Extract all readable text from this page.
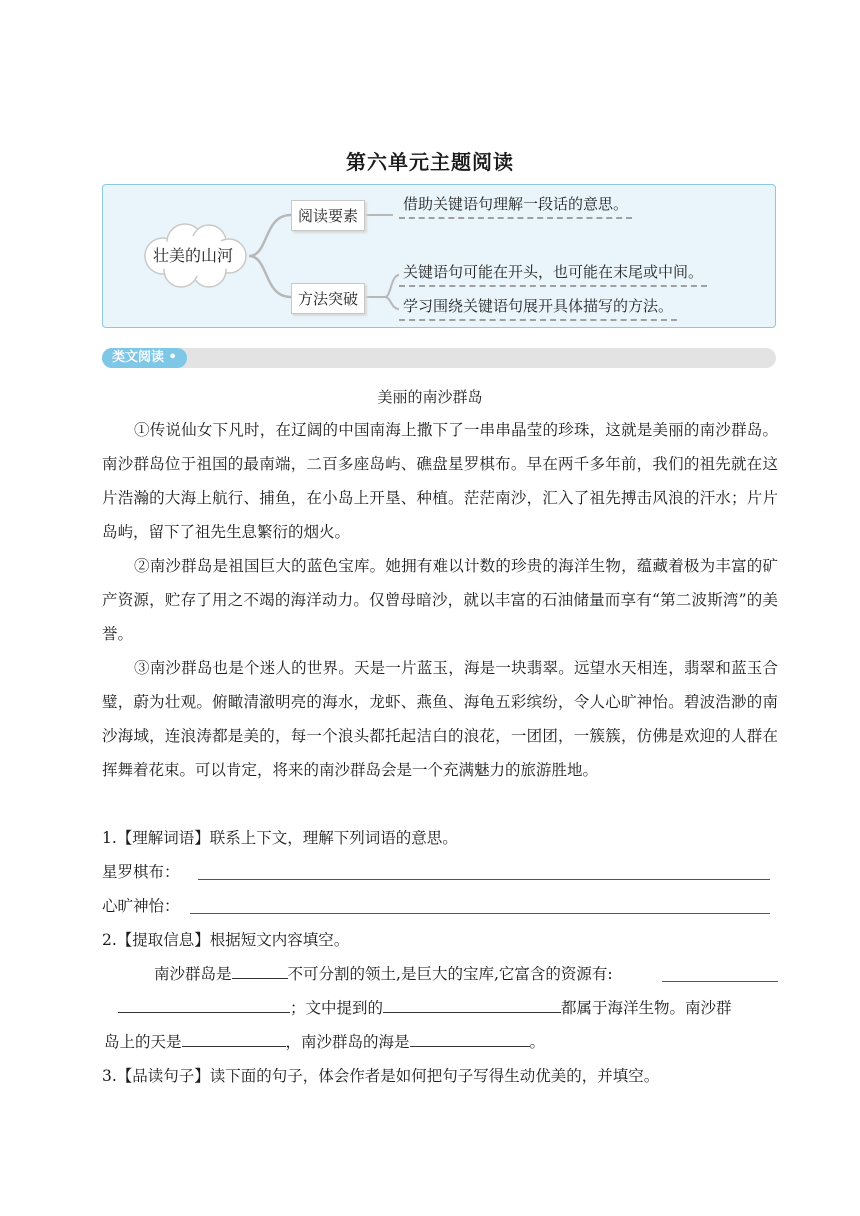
第六单元主题阅读
壮美的山河
阅读要素
方法突破
借助关键语句理解一段话的意思。
关键语句可能在开头，也可能在末尾或中间。
学习围绕关键语句展开具体描写的方法。
类文阅读 •
美丽的南沙群岛
①传说仙女下凡时，在辽阔的中国南海上撒下了一串串晶莹的珍珠，这就是美丽的南沙群岛。南沙群岛位于祖国的最南端，二百多座岛屿、礁盘星罗棋布。早在两千多年前，我们的祖先就在这片浩瀚的大海上航行、捕鱼，在小岛上开垦、种植。茫茫南沙，汇入了祖先搏击风浪的汗水；片片岛屿，留下了祖先生息繁衍的烟火。
②南沙群岛是祖国巨大的蓝色宝库。她拥有难以计数的珍贵的海洋生物，蕴藏着极为丰富的矿产资源，贮存了用之不竭的海洋动力。仅曾母暗沙，就以丰富的石油储量而享有“第二波斯湾”的美誉。
③南沙群岛也是个迷人的世界。天是一片蓝玉，海是一块翡翠。远望水天相连，翡翠和蓝玉合璧，蔚为壮观。俯瞰清澈明亮的海水，龙虾、燕鱼、海龟五彩缤纷，令人心旷神怡。碧波浩渺的南沙海域，连浪涛都是美的，每一个浪头都托起洁白的浪花，一团团，一簇簇，仿佛是欢迎的人群在挥舞着花束。可以肯定，将来的南沙群岛会是一个充满魅力的旅游胜地。
1.【理解词语】联系上下文，理解下列词语的意思。
星罗棋布：
心旷神怡：
2.【提取信息】根据短文内容填空。
南沙群岛是	不可分割的领土,是巨大的宝库,它富含的资源有:
；文中提到的	都属于海洋生物。南沙群
岛上的天是	，南沙群岛的海是	。
3.【品读句子】读下面的句子，体会作者是如何把句子写得生动优美的，并填空。
